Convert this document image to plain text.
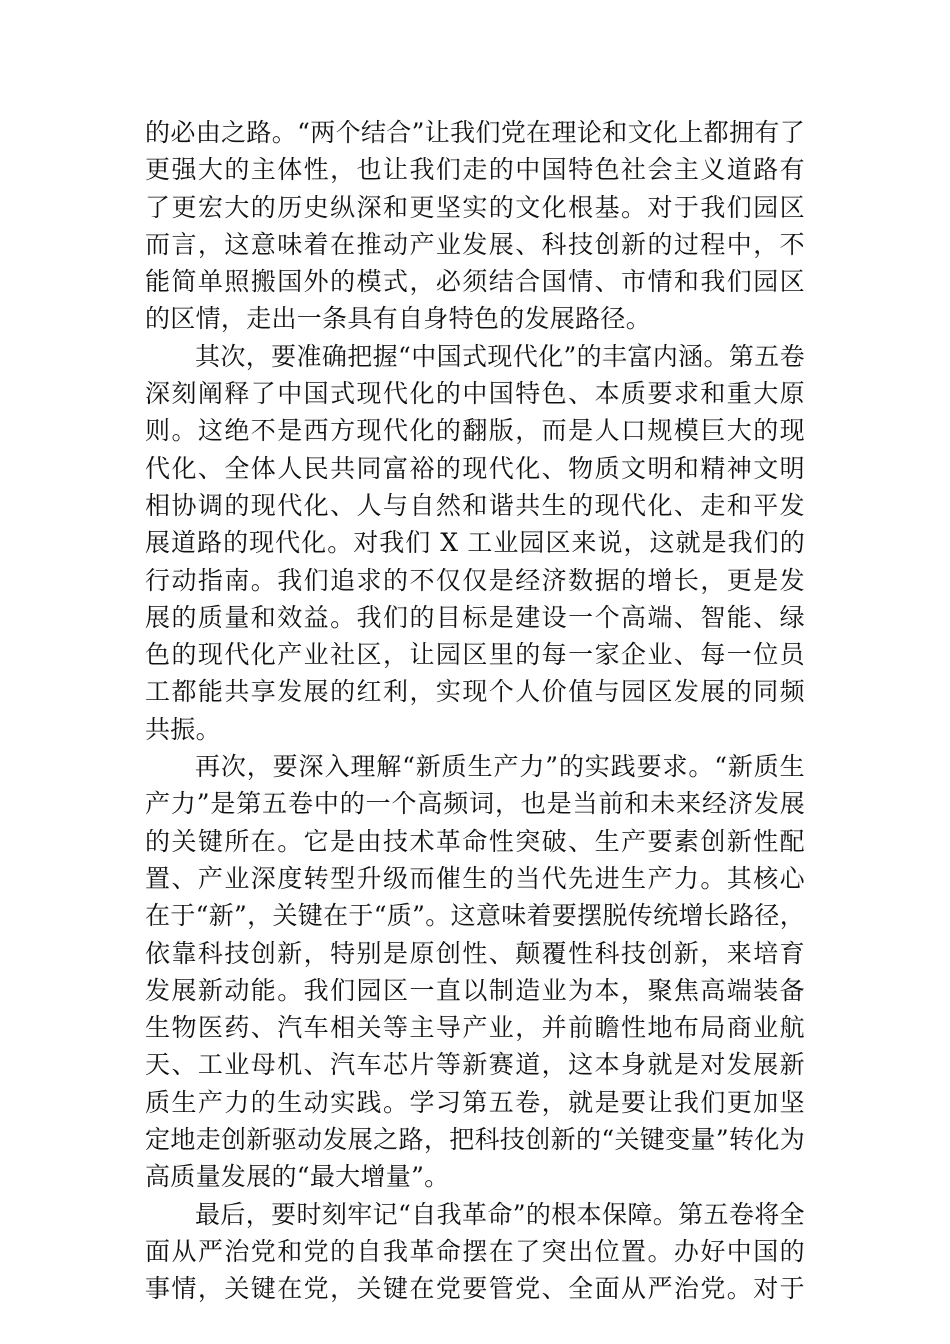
的必由之路。“两个结合”让我们党在理论和文化上都拥有了
更强大的主体性，也让我们走的中国特色社会主义道路有
了更宏大的历史纵深和更坚实的文化根基。对于我们园区
而言，这意味着在推动产业发展、科技创新的过程中，不
能简单照搬国外的模式，必须结合国情、市情和我们园区
的区情，走出一条具有自身特色的发展路径。
其次，要准确把握“中国式现代化”的丰富内涵。第五卷
深刻阐释了中国式现代化的中国特色、本质要求和重大原
则。这绝不是西方现代化的翻版，而是人口规模巨大的现
代化、全体人民共同富裕的现代化、物质文明和精神文明
相协调的现代化、人与自然和谐共生的现代化、走和平发
展道路的现代化。对我们 X 工业园区来说，这就是我们的
行动指南。我们追求的不仅仅是经济数据的增长，更是发
展的质量和效益。我们的目标是建设一个高端、智能、绿
色的现代化产业社区，让园区里的每一家企业、每一位员
工都能共享发展的红利，实现个人价值与园区发展的同频
共振。
再次，要深入理解“新质生产力”的实践要求。“新质生
产力”是第五卷中的一个高频词，也是当前和未来经济发展
的关键所在。它是由技术革命性突破、生产要素创新性配
置、产业深度转型升级而催生的当代先进生产力。其核心
在于“新”，关键在于“质”。这意味着要摆脱传统增长路径，
依靠科技创新，特别是原创性、颠覆性科技创新，来培育
发展新动能。我们园区一直以制造业为本，聚焦高端装备
生物医药、汽车相关等主导产业，并前瞻性地布局商业航
天、工业母机、汽车芯片等新赛道，这本身就是对发展新
质生产力的生动实践。学习第五卷，就是要让我们更加坚
定地走创新驱动发展之路，把科技创新的“关键变量”转化为
高质量发展的“最大增量”。
最后，要时刻牢记“自我革命”的根本保障。第五卷将全
面从严治党和党的自我革命摆在了突出位置。办好中国的
事情，关键在党，关键在党要管党、全面从严治党。对于
